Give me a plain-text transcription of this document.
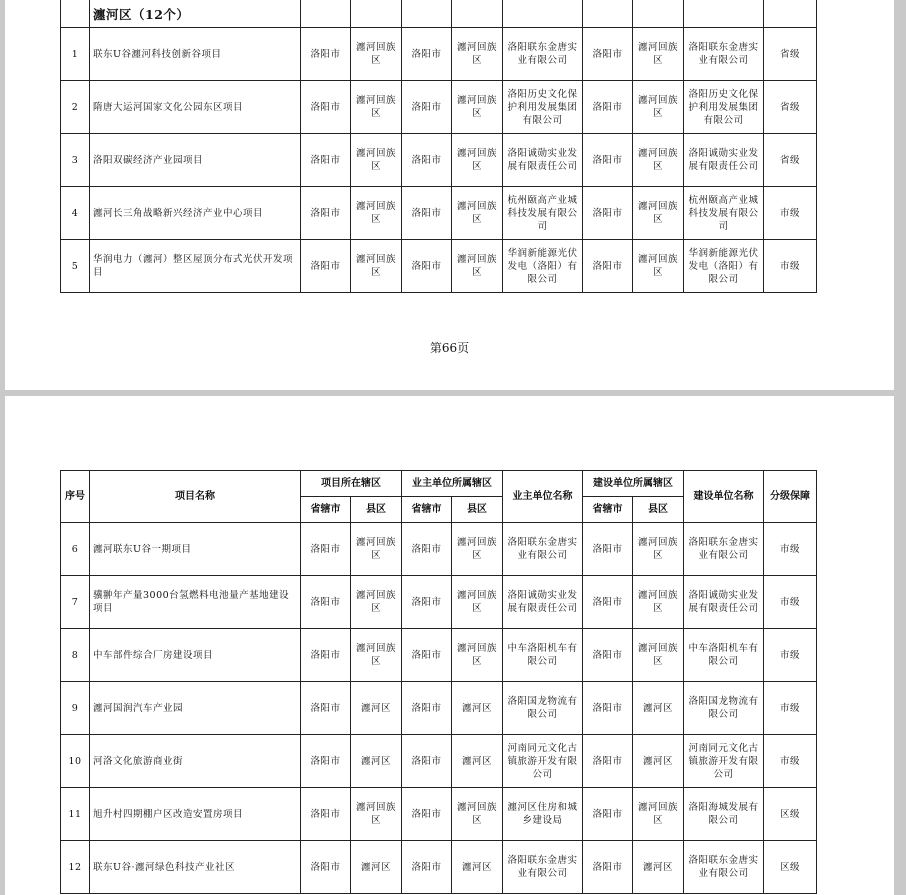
	瀍河区（12个）									
1	联东U谷瀍河科技创新谷项目	洛阳市	瀍河回族区	洛阳市	瀍河回族区	洛阳联东金唐实业有限公司	洛阳市	瀍河回族区	洛阳联东金唐实业有限公司	省级
2	隋唐大运河国家文化公园东区项目	洛阳市	瀍河回族区	洛阳市	瀍河回族区	洛阳历史文化保护利用发展集团有限公司	洛阳市	瀍河回族区	洛阳历史文化保护利用发展集团有限公司	省级
3	洛阳双碳经济产业园项目	洛阳市	瀍河回族区	洛阳市	瀍河回族区	洛阳诚勋实业发展有限责任公司	洛阳市	瀍河回族区	洛阳诚勋实业发展有限责任公司	省级
4	瀍河长三角战略新兴经济产业中心项目	洛阳市	瀍河回族区	洛阳市	瀍河回族区	杭州颐高产业城科技发展有限公司	洛阳市	瀍河回族区	杭州颐高产业城科技发展有限公司	市级
5	华润电力（瀍河）整区屋顶分布式光伏开发项目	洛阳市	瀍河回族区	洛阳市	瀍河回族区	华润新能源光伏发电（洛阳）有限公司	洛阳市	瀍河回族区	华润新能源光伏发电（洛阳）有限公司	市级
第66页
序号	项目名称	项目所在辖区		业主单位所属辖区		业主单位名称	建设单位所属辖区		建设单位名称	分级保障
		省辖市	县区	省辖市	县区		省辖市	县区		
6	瀍河联东U谷一期项目	洛阳市	瀍河回族区	洛阳市	瀍河回族区	洛阳联东金唐实业有限公司	洛阳市	瀍河回族区	洛阳联东金唐实业有限公司	市级
7	骥翀年产量3000台氢燃料电池量产基地建设项目	洛阳市	瀍河回族区	洛阳市	瀍河回族区	洛阳诚勋实业发展有限责任公司	洛阳市	瀍河回族区	洛阳诚勋实业发展有限责任公司	市级
8	中车部件综合厂房建设项目	洛阳市	瀍河回族区	洛阳市	瀍河回族区	中车洛阳机车有限公司	洛阳市	瀍河回族区	中车洛阳机车有限公司	市级
9	瀍河国润汽车产业园	洛阳市	瀍河区	洛阳市	瀍河区	洛阳国龙物流有限公司	洛阳市	瀍河区	洛阳国龙物流有限公司	市级
10	河洛文化旅游商业街	洛阳市	瀍河区	洛阳市	瀍河区	河南同元文化古镇旅游开发有限公司	洛阳市	瀍河区	河南同元文化古镇旅游开发有限公司	市级
11	旭升村四期棚户区改造安置房项目	洛阳市	瀍河回族区	洛阳市	瀍河回族区	瀍河区住房和城乡建设局	洛阳市	瀍河回族区	洛阳海城发展有限公司	区级
12	联东U谷·瀍河绿色科技产业社区	洛阳市	瀍河区	洛阳市	瀍河区	洛阳联东金唐实业有限公司	洛阳市	瀍河区	洛阳联东金唐实业有限公司	区级
